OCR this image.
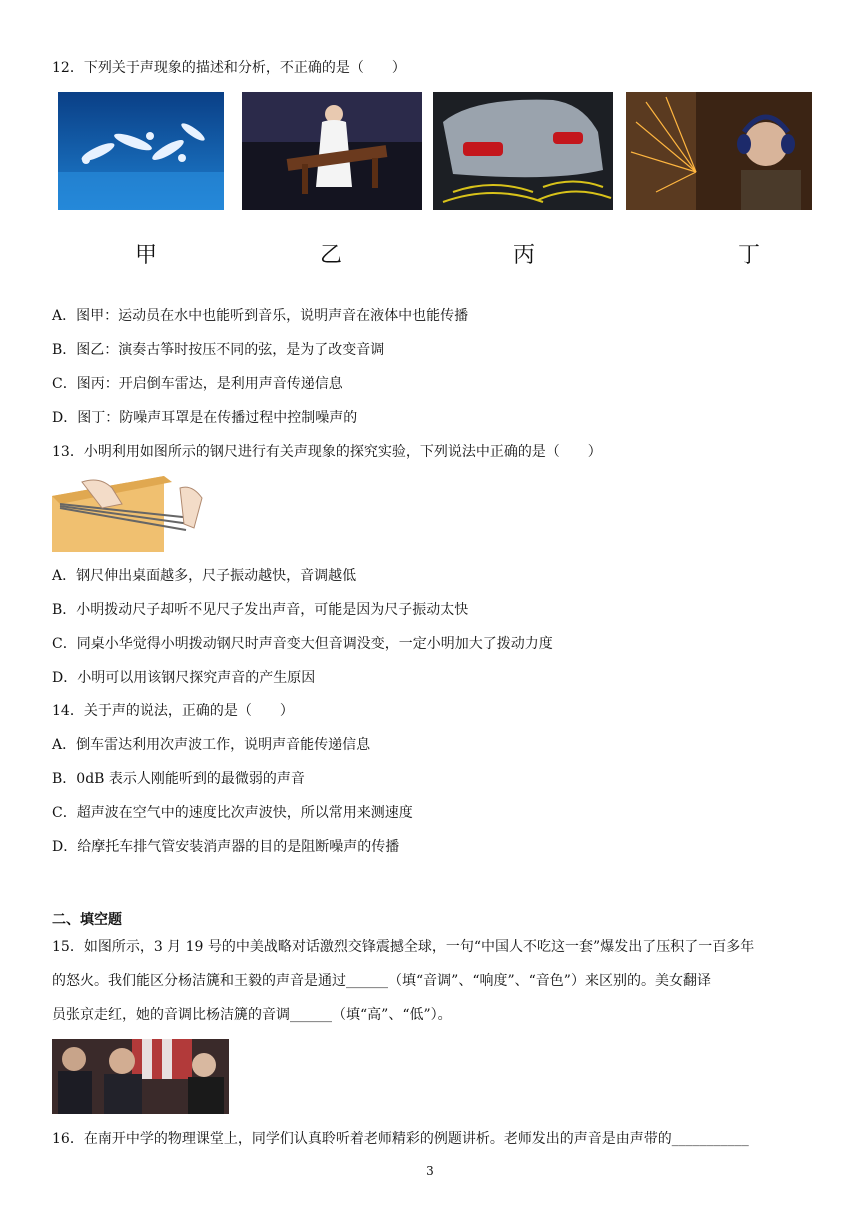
12．下列关于声现象的描述和分析，不正确的是（　　）
甲	乙	丙	丁
A．图甲：运动员在水中也能听到音乐，说明声音在液体中也能传播
B．图乙：演奏古筝时按压不同的弦，是为了改变音调
C．图丙：开启倒车雷达，是利用声音传递信息
D．图丁：防噪声耳罩是在传播过程中控制噪声的
13．小明利用如图所示的钢尺进行有关声现象的探究实验，下列说法中正确的是（　　）
A．钢尺伸出桌面越多，尺子振动越快，音调越低
B．小明拨动尺子却听不见尺子发出声音，可能是因为尺子振动太快
C．同桌小华觉得小明拨动钢尺时声音变大但音调没变，一定小明加大了拨动力度
D．小明可以用该钢尺探究声音的产生原因
14．关于声的说法，正确的是（　　）
A．倒车雷达利用次声波工作，说明声音能传递信息
B．0dB 表示人刚能听到的最微弱的声音
C．超声波在空气中的速度比次声波快，所以常用来测速度
D．给摩托车排气管安装消声器的目的是阻断噪声的传播
二、填空题
15．如图所示，3 月 19 号的中美战略对话激烈交锋震撼全球，一句“中国人不吃这一套”爆发出了压积了一百多年
的怒火。我们能区分杨洁篪和王毅的声音是通过______（填“音调”、“响度”、“音色”）来区别的。美女翻译
员张京走红，她的音调比杨洁篪的音调______（填“高”、“低”）。
16．在南开中学的物理课堂上，同学们认真聆听着老师精彩的例题讲析。老师发出的声音是由声带的___________
3
